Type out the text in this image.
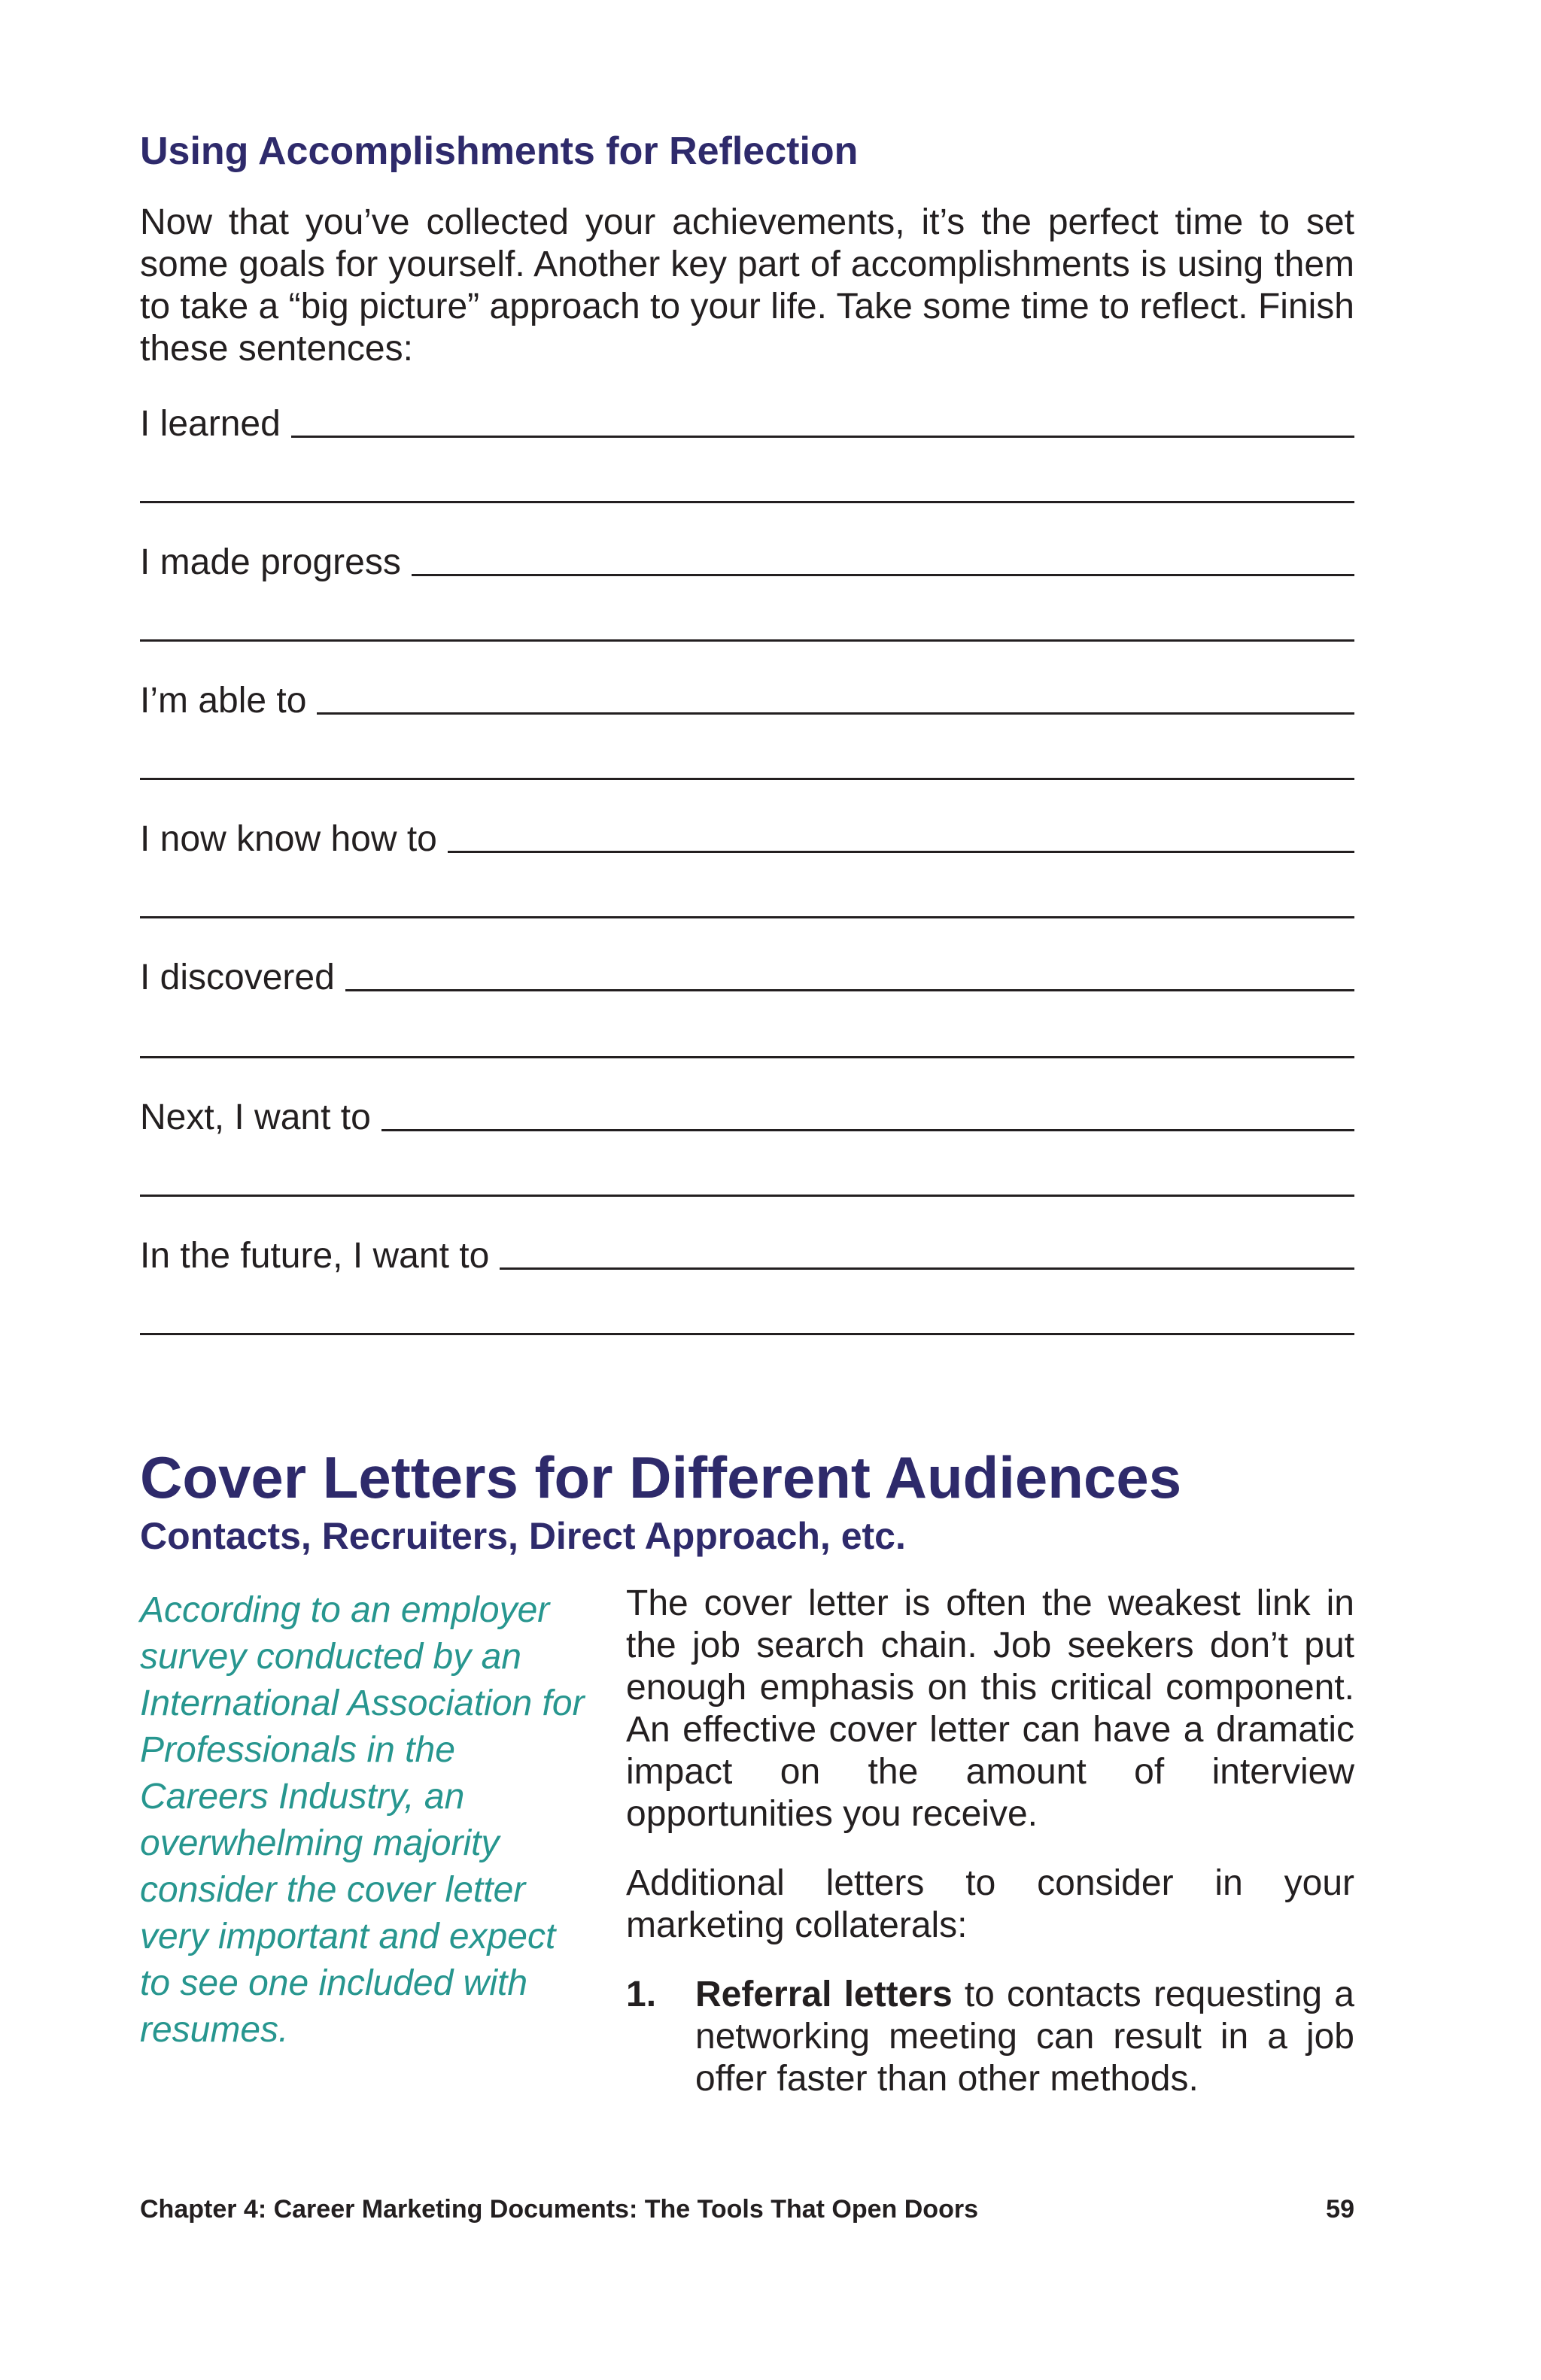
Using Accomplishments for Reflection

Now that you’ve collected your achievements, it’s the perfect time to set some goals for yourself. Another key part of accomplishments is using them to take a “big picture” approach to your life. Take some time to reflect. Finish these sentences:

I learned
I made progress
I’m able to
I now know how to
I discovered
Next, I want to
In the future, I want to
Cover Letters for Different Audiences
Contacts, Recruiters, Direct Approach, etc.

According to an employer survey conducted by an International Association for Professionals in the Careers Industry, an overwhelming majority consider the cover letter very important and expect to see one included with resumes.

The cover letter is often the weakest link in the job search chain. Job seekers don’t put enough emphasis on this critical component. An effective cover letter can have a dramatic impact on the amount of interview opportunities you receive.

Additional letters to consider in your marketing collaterals:

1.	Referral letters to contacts requesting a networking meeting can result in a job offer faster than other methods.
Chapter 4: Career Marketing Documents: The Tools That Open Doors	59
